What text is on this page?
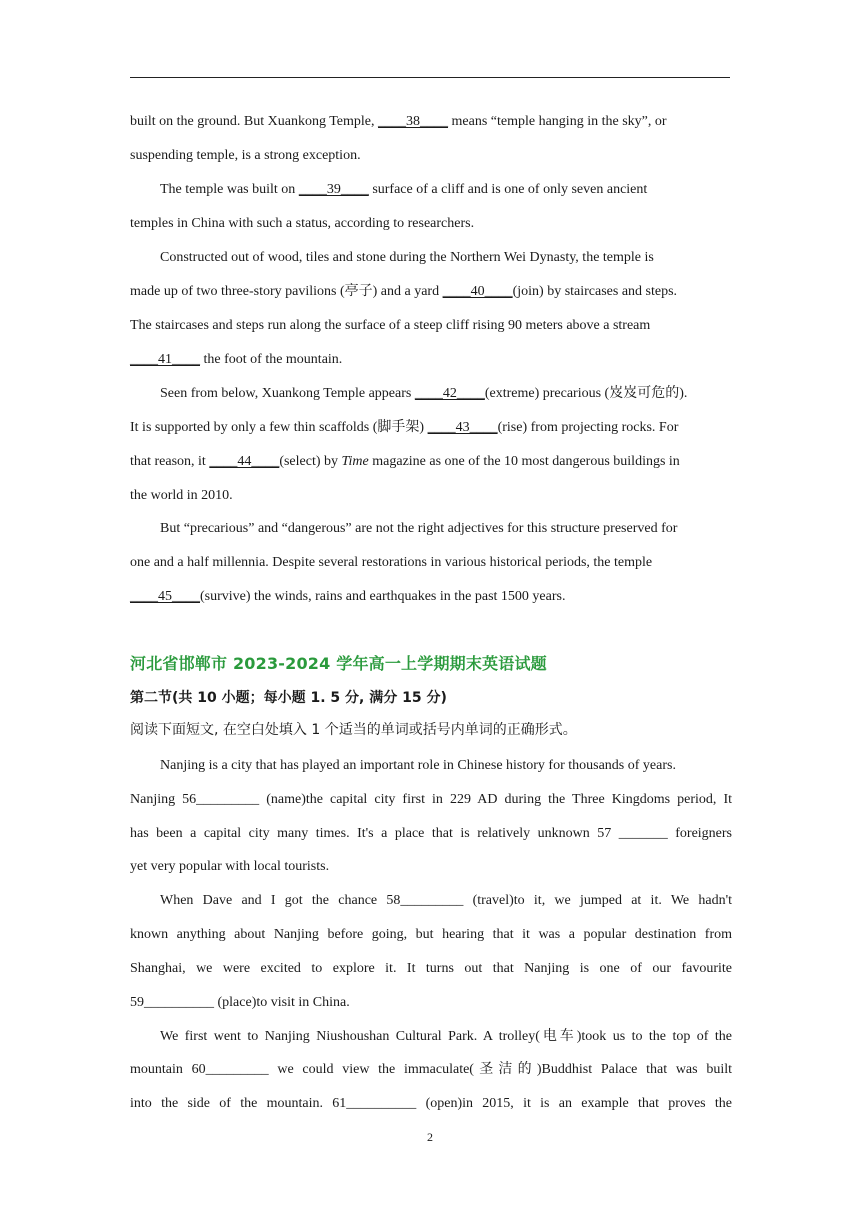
built on the ground. But Xuankong Temple, ____38____ means “temple hanging in the sky”, or
suspending temple, is a strong exception.
The temple was built on ____39____ surface of a cliff and is one of only seven ancient
temples in China with such a status, according to researchers.
Constructed out of wood, tiles and stone during the Northern Wei Dynasty, the temple is
made up of two three-story pavilions (亭子) and a yard ____40____(join) by staircases and steps.
The staircases and steps run along the surface of a steep cliff rising 90 meters above a stream
____41____ the foot of the mountain.
Seen from below, Xuankong Temple appears ____42____(extreme) precarious (岌岌可危的).
It is supported by only a few thin scaffolds (脚手架) ____43____(rise) from projecting rocks. For
that reason, it ____44____(select) by Time magazine as one of the 10 most dangerous buildings in
the world in 2010.
But “precarious” and “dangerous” are not the right adjectives for this structure preserved for
one and a half millennia. Despite several restorations in various historical periods, the temple
____45____(survive) the winds, rains and earthquakes in the past 1500 years.
河北省邯郸市 2023-2024 学年高一上学期期末英语试题
第二节(共 10 小题；每小题 1. 5 分, 满分 15 分)
阅读下面短文, 在空白处填入 1 个适当的单词或括号内单词的正确形式。
Nanjing is a city that has played an important role in Chinese history for thousands of years.
Nanjing 56_________ (name)the capital city first in 229 AD during the Three Kingdoms period, It
has been a capital city many times. It's a place that is relatively unknown 57 _______ foreigners
yet very popular with local tourists.
When Dave and I got the chance 58_________ (travel)to it, we jumped at it. We hadn't
known anything about Nanjing before going, but hearing that it was a popular destination from
Shanghai, we were excited to explore it. It turns out that Nanjing is one of our favourite
59__________ (place)to visit in China.
We first went to Nanjing Niushoushan Cultural Park. A trolley(电车)took us to the top of the
mountain 60_________ we could view the immaculate(圣洁的)Buddhist Palace that was built
into the side of the mountain. 61__________ (open)in 2015, it is an example that proves the
2
